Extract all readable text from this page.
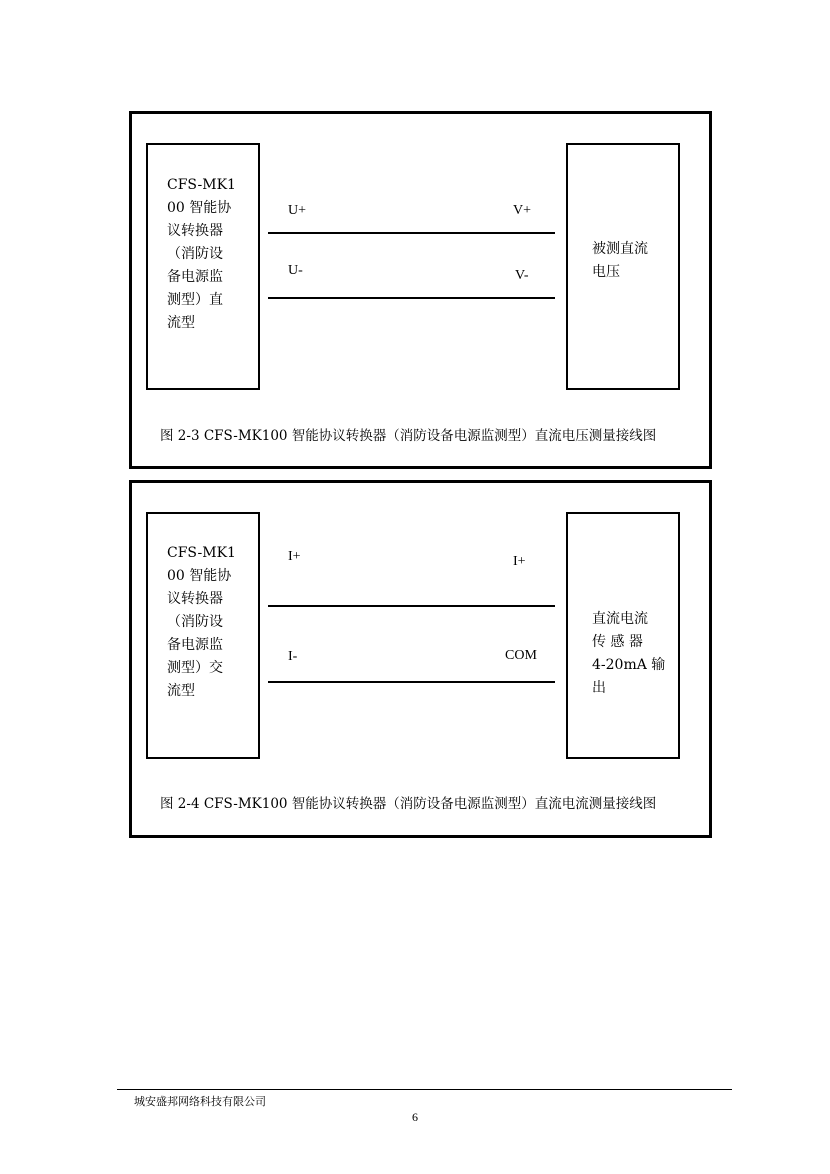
CFS-MK1
00 智能协
议转换器
（消防设
备电源监
测型）直
流型
被测直流
电压
U+	V+
U-	V-
图 2-3 CFS-MK100 智能协议转换器（消防设备电源监测型）直流电压测量接线图
CFS-MK1
00 智能协
议转换器
（消防设
备电源监
测型）交
流型
直流电流
传 感 器
4-20mA 输
出
I+	I+
I-	COM
图 2-4 CFS-MK100 智能协议转换器（消防设备电源监测型）直流电流测量接线图
城安盛邦网络科技有限公司
6
